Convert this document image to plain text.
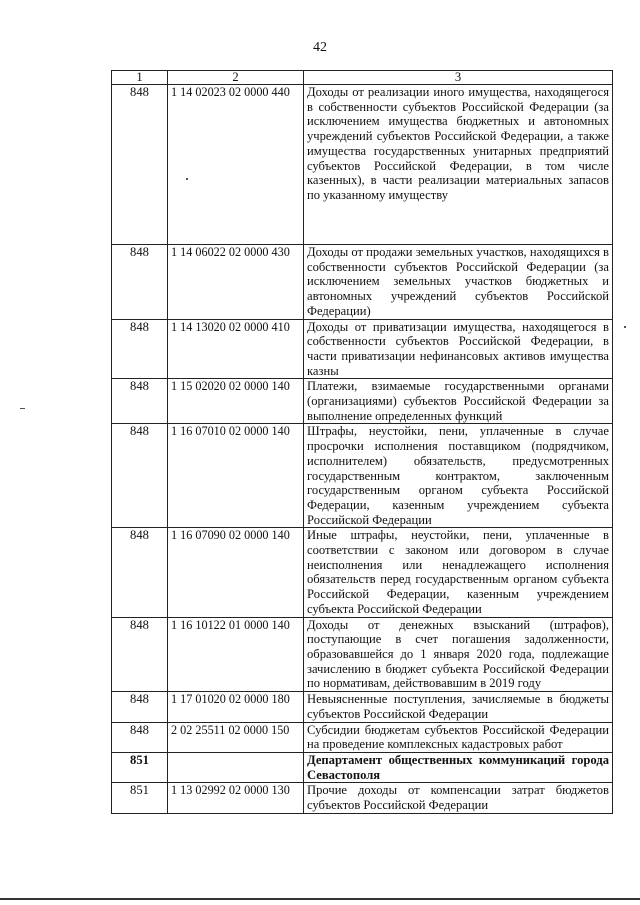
42
1	2	3
848	1 14 02023 02 0000 440	Доходы от реализации иного имущества, находящегося в собственности субъектов Российской Федерации (за исключением имущества бюджетных и автономных учреждений субъектов Российской Федерации, а также имущества государственных унитарных предприятий субъектов Российской Федерации, в том числе казенных), в части реализации материальных запасов по указанному имуществу
848	1 14 06022 02 0000 430	Доходы от продажи земельных участков, находящихся в собственности субъектов Российской Федерации (за исключением земельных участков бюджетных и автономных учреждений субъектов Российской Федерации)
848	1 14 13020 02 0000 410	Доходы от приватизации имущества, находящегося в собственности субъектов Российской Федерации, в части приватизации нефинансовых активов имущества казны
848	1 15 02020 02 0000 140	Платежи, взимаемые государственными органами (организациями) субъектов Российской Федерации за выполнение определенных функций
848	1 16 07010 02 0000 140	Штрафы, неустойки, пени, уплаченные в случае просрочки исполнения поставщиком (подрядчиком, исполнителем) обязательств, предусмотренных государственным контрактом, заключенным государственным органом субъекта Российской Федерации, казенным учреждением субъекта Российской Федерации
848	1 16 07090 02 0000 140	Иные штрафы, неустойки, пени, уплаченные в соответствии с законом или договором в случае неисполнения или ненадлежащего исполнения обязательств перед государственным органом субъекта Российской Федерации, казенным учреждением субъекта Российской Федерации
848	1 16 10122 01 0000 140	Доходы от денежных взысканий (штрафов), поступающие в счет погашения задолженности, образовавшейся до 1 января 2020 года, подлежащие зачислению в бюджет субъекта Российской Федерации по нормативам, действовавшим в 2019 году
848	1 17 01020 02 0000 180	Невыясненные поступления, зачисляемые в бюджеты субъектов Российской Федерации
848	2 02 25511 02 0000 150	Субсидии бюджетам субъектов Российской Федерации на проведение комплексных кадастровых работ
851		Департамент общественных коммуникаций города Севастополя
851	1 13 02992 02 0000 130	Прочие доходы от компенсации затрат бюджетов субъектов Российской Федерации
